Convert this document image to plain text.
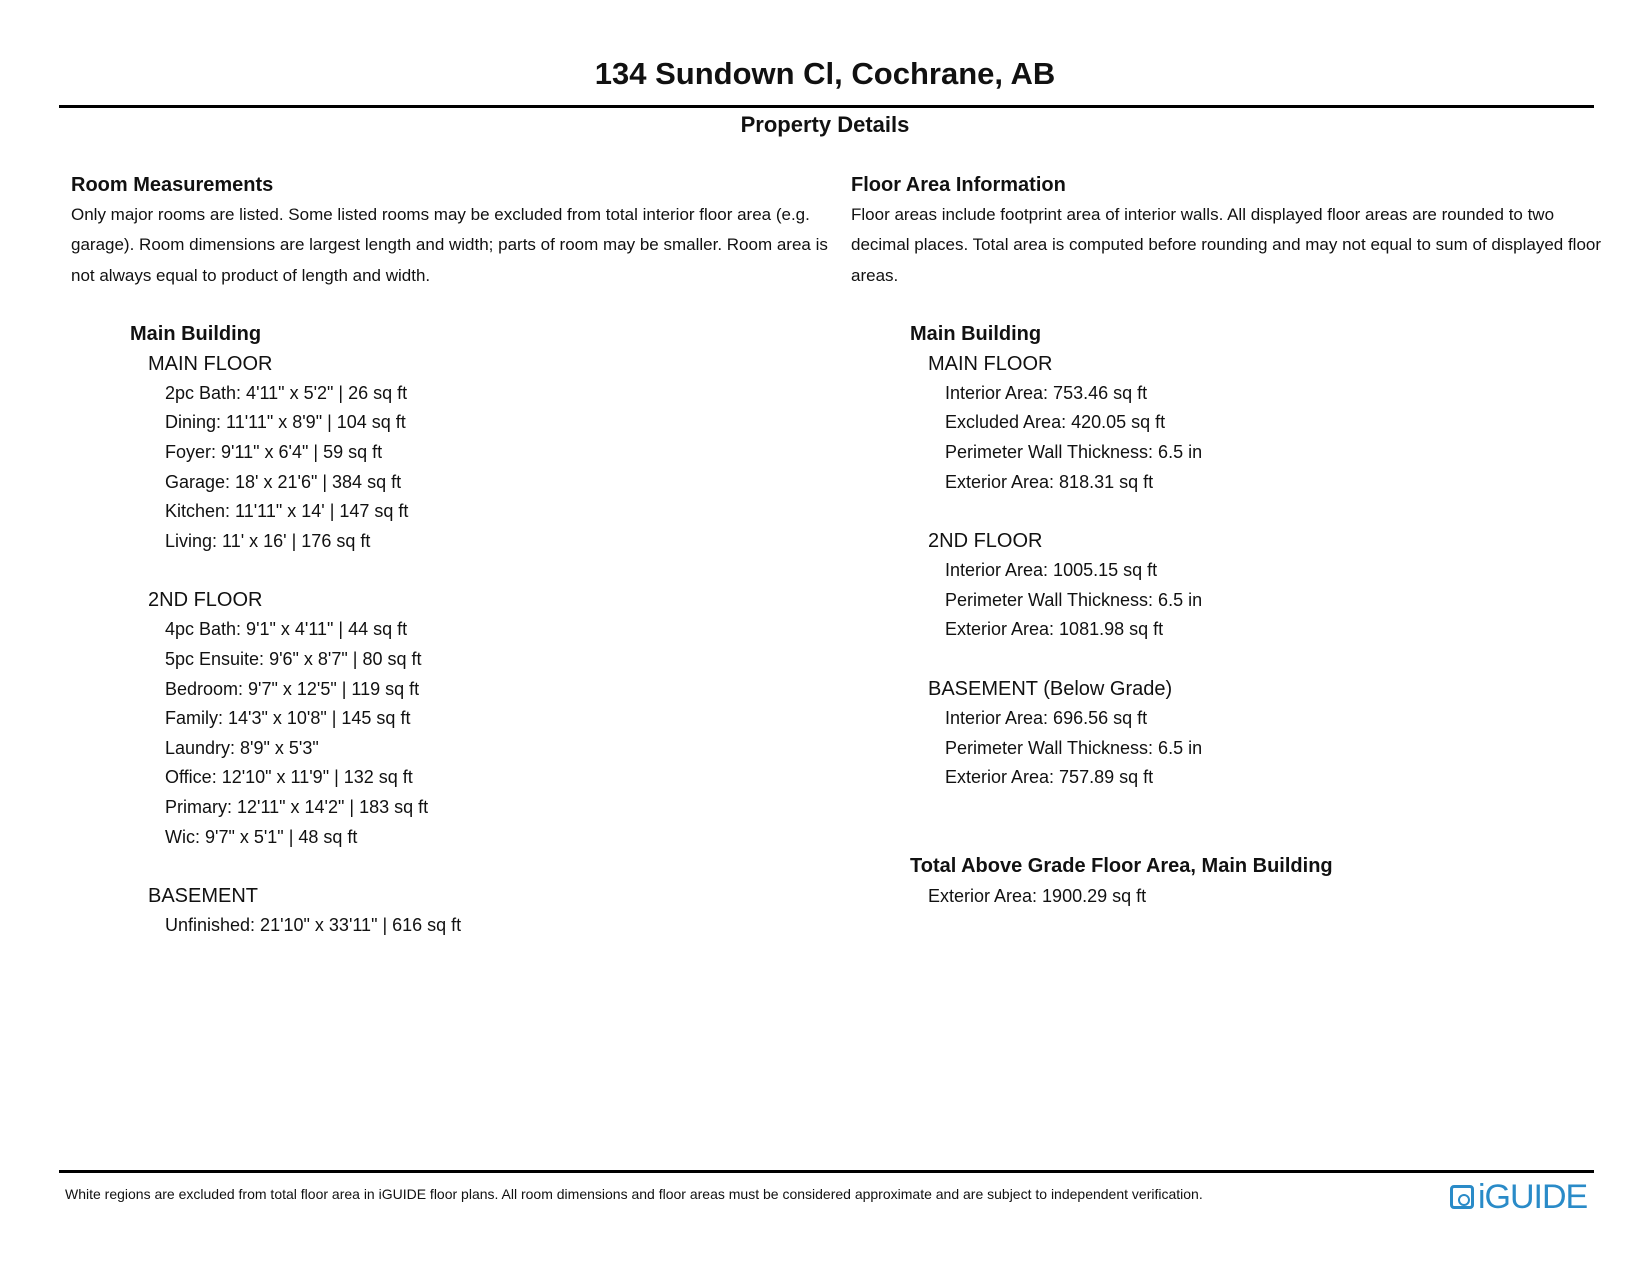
134 Sundown Cl, Cochrane, AB
Property Details
Room Measurements

Only major rooms are listed. Some listed rooms may be excluded from total interior floor area (e.g. garage). Room dimensions are largest length and width; parts of room may be smaller. Room area is not always equal to product of length and width.

Main Building
MAIN FLOOR
2pc Bath: 4'11" x 5'2" | 26 sq ft
Dining: 11'11" x 8'9" | 104 sq ft
Foyer: 9'11" x 6'4" | 59 sq ft
Garage: 18' x 21'6" | 384 sq ft
Kitchen: 11'11" x 14' | 147 sq ft
Living: 11' x 16' | 176 sq ft
2ND FLOOR
4pc Bath: 9'1" x 4'11" | 44 sq ft
5pc Ensuite: 9'6" x 8'7" | 80 sq ft
Bedroom: 9'7" x 12'5" | 119 sq ft
Family: 14'3" x 10'8" | 145 sq ft
Laundry: 8'9" x 5'3"
Office: 12'10" x 11'9" | 132 sq ft
Primary: 12'11" x 14'2" | 183 sq ft
Wic: 9'7" x 5'1" | 48 sq ft
BASEMENT
Unfinished: 21'10" x 33'11" | 616 sq ft
Floor Area Information

Floor areas include footprint area of interior walls. All displayed floor areas are rounded to two decimal places. Total area is computed before rounding and may not equal to sum of displayed floor areas.

Main Building
MAIN FLOOR
Interior Area: 753.46 sq ft
Excluded Area: 420.05 sq ft
Perimeter Wall Thickness: 6.5 in
Exterior Area: 818.31 sq ft
2ND FLOOR
Interior Area: 1005.15 sq ft
Perimeter Wall Thickness: 6.5 in
Exterior Area: 1081.98 sq ft
BASEMENT (Below Grade)
Interior Area: 696.56 sq ft
Perimeter Wall Thickness: 6.5 in
Exterior Area: 757.89 sq ft
Total Above Grade Floor Area, Main Building
Exterior Area: 1900.29 sq ft
White regions are excluded from total floor area in iGUIDE floor plans. All room dimensions and floor areas must be considered approximate and are subject to independent verification.	iGUIDE
